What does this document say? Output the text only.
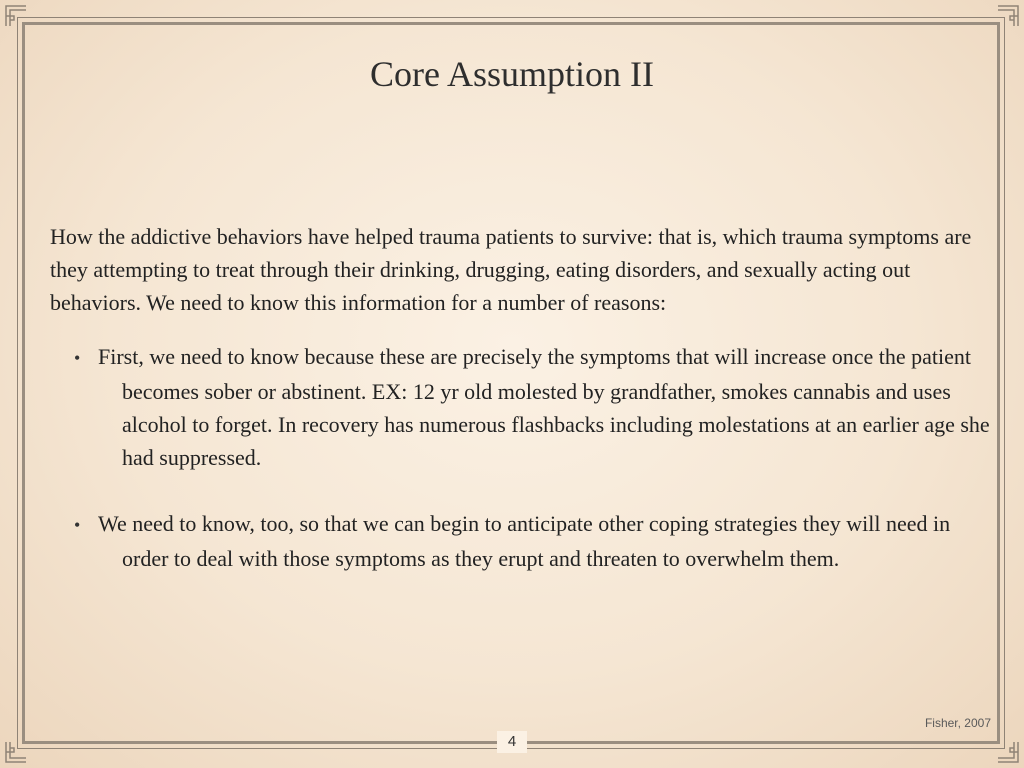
Core Assumption II

How the addictive behaviors have helped trauma patients to survive: that is, which trauma symptoms are they attempting to treat through their drinking, drugging, eating disorders, and sexually acting out behaviors. We need to know this information for a number of reasons:

• First, we need to know because these are precisely the symptoms that will increase once the patient becomes sober or abstinent. EX: 12 yr old molested by grandfather, smokes cannabis and uses alcohol to forget. In recovery has numerous flashbacks including molestations at an earlier age she had suppressed.
• We need to know, too, so that we can begin to anticipate other coping strategies they will need in order to deal with those symptoms as they erupt and threaten to overwhelm them.
Fisher, 2007
4
